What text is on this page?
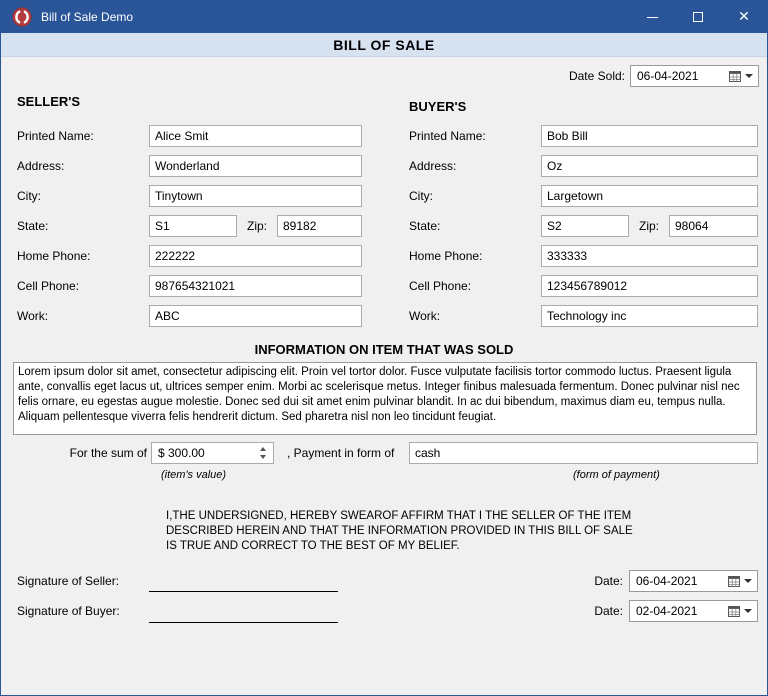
Bill of Sale Demo	✕
BILL OF SALE
Date Sold:
06-04-2021
SELLER'S
Printed Name:
Alice Smit
Address:
Wonderland
City:
Tinytown
State:
S1	Zip:
89182
Home Phone:
222222
Cell Phone:
987654321021
Work:
ABC
BUYER'S
Printed Name:
Bob Bill
Address:
Oz
City:
Largetown
State:
S2	Zip:
98064
Home Phone:
333333
Cell Phone:
123456789012
Work:
Technology inc
INFORMATION ON ITEM THAT WAS SOLD
Lorem ipsum dolor sit amet, consectetur adipiscing elit. Proin vel tortor dolor. Fusce vulputate facilisis tortor commodo luctus. Praesent ligula ante, convallis eget lacus ut, ultrices semper enim. Morbi ac scelerisque metus. Integer finibus malesuada fermentum. Donec pulvinar nisl nec felis ornare, eu egestas augue molestie. Donec sed dui sit amet enim pulvinar blandit. In ac dui bibendum, maximus diam eu, tempus nulla. Aliquam pellentesque viverra felis hendrerit dictum. Sed pharetra nisl non leo tincidunt feugiat.
For the sum of
$ 300.00	, Payment in form of
cash
(item's value)	(form of payment)
I,THE UNDERSIGNED, HEREBY SWEAROF AFFIRM THAT I THE SELLER OF THE ITEM
DESCRIBED HEREIN AND THAT THE INFORMATION PROVIDED IN THIS BILL OF SALE
IS TRUE AND CORRECT TO THE BEST OF MY BELIEF.
Signature of Seller:	Date:
06-04-2021
Signature of Buyer:	Date:
02-04-2021
